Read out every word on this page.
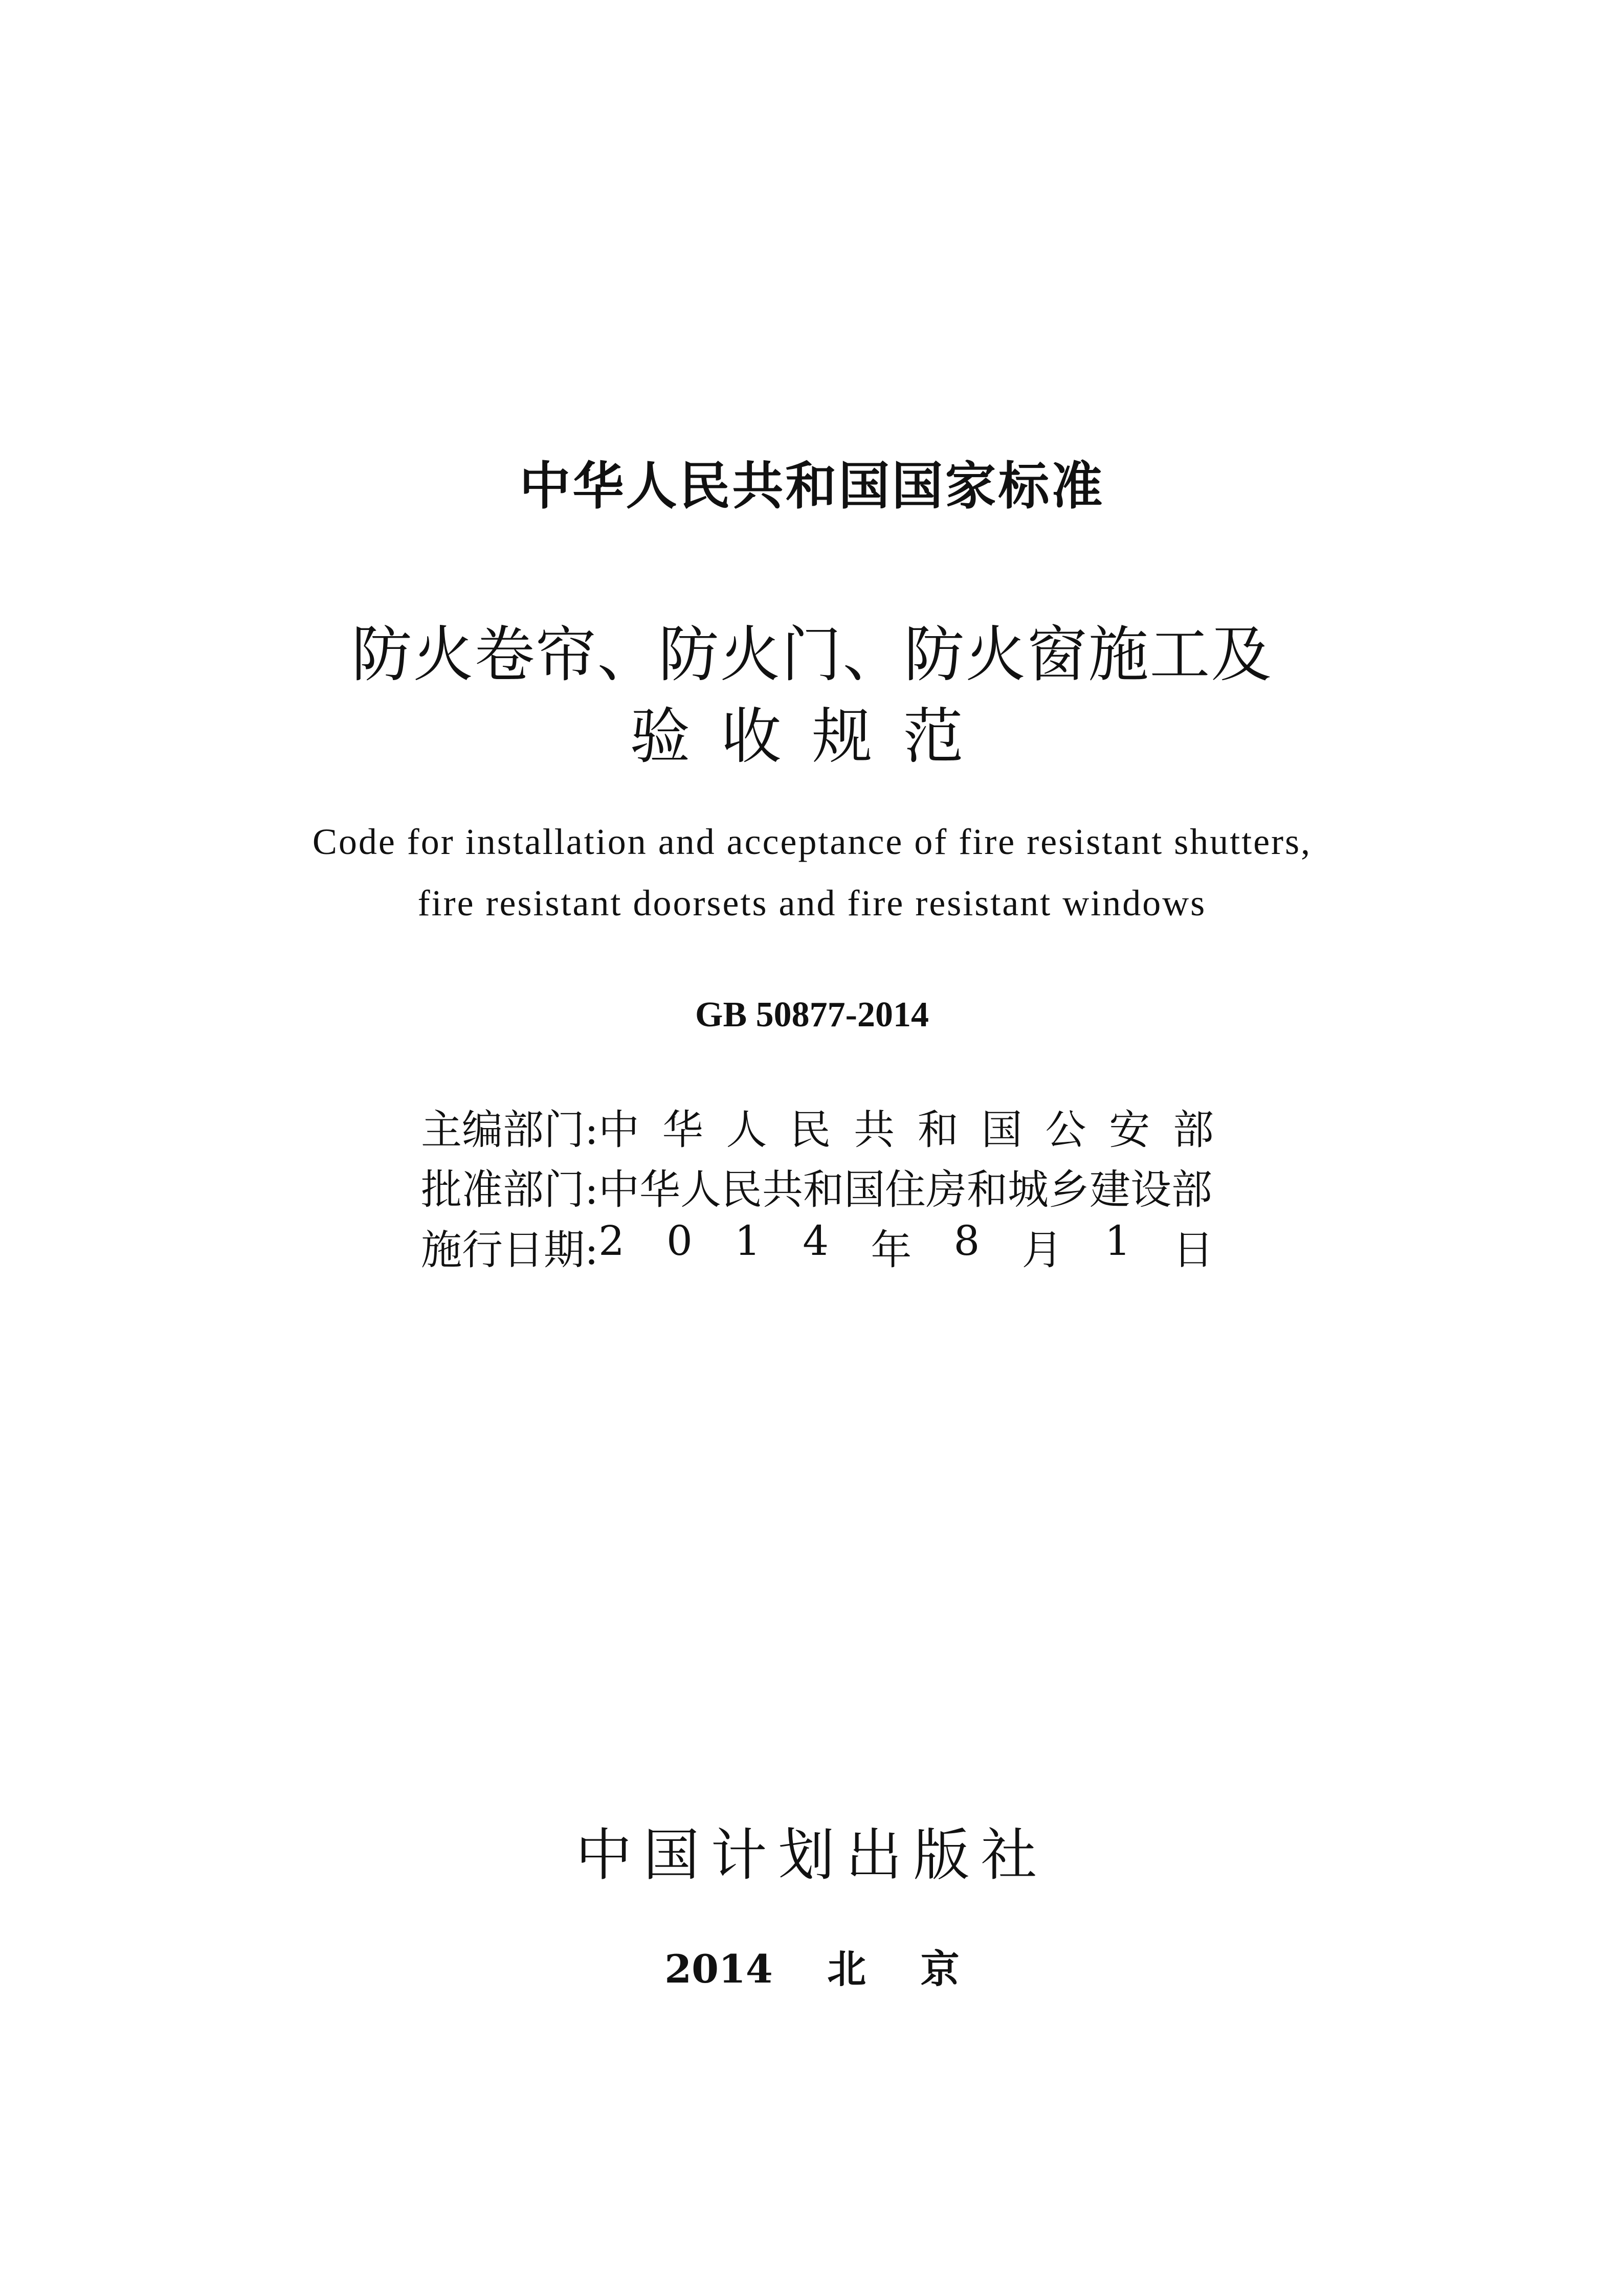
中华人民共和国国家标准
防火卷帘、防火门、防火窗施工及
验收规范
Code for installation and acceptance of fire resistant shutters,
fire resistant doorsets and fire resistant windows
GB 50877-2014
主编部门: 中 华 人 民 共 和 国 公 安 部
批准部门: 中华人民共和国住房和城乡建设部
施行日期: 2 0 1 4 年 8 月 1 日
中国计划出版社
2014 北 京
